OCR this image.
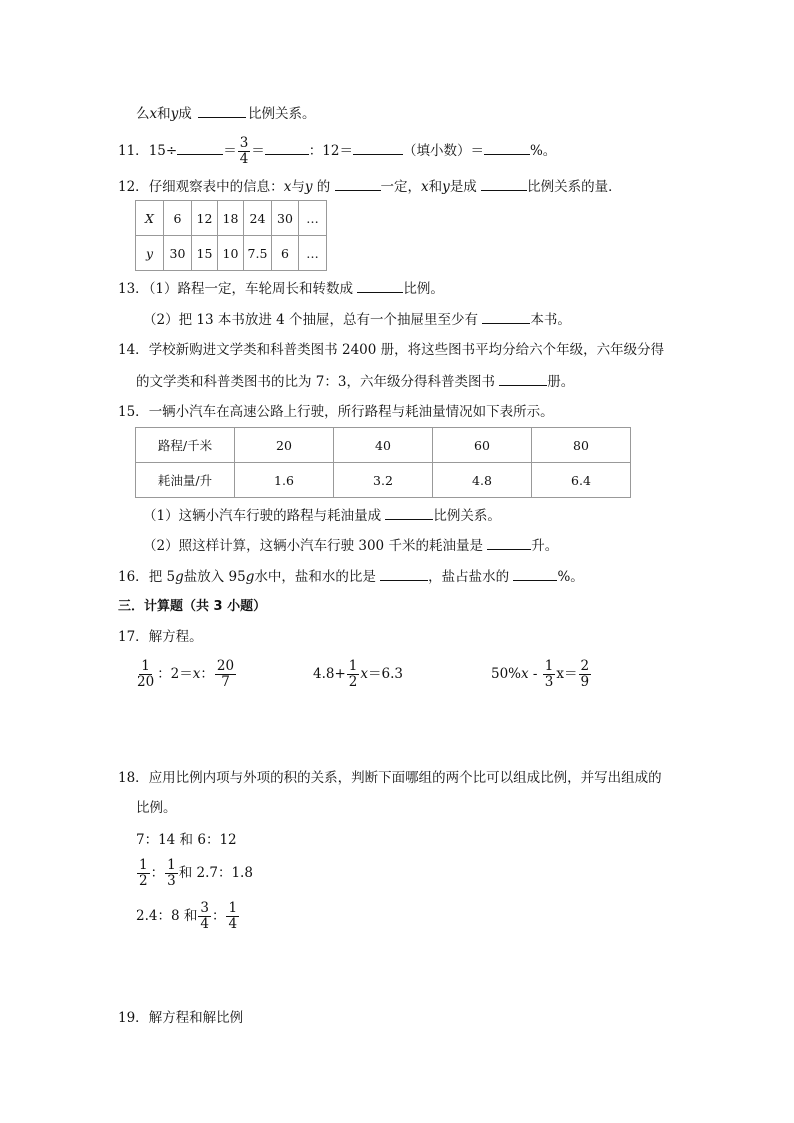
么x和y成	比例关系。
11．15÷	＝ $\frac{3}{4}$ ＝	：12＝	（填小数）＝	%。
12．仔细观察表中的信息：x与y 的	一定，x和y是成	比例关系的量．
X	6	12	18	24	30	…
y	30	15	10	7.5	6	…
13．（1）路程一定，车轮周长和转数成	比例。
（2）把 13 本书放进 4 个抽屉，总有一个抽屉里至少有	本书。
14．学校新购进文学类和科普类图书 2400 册，将这些图书平均分给六个年级，六年级分得
的文学类和科普类图书的比为 7：3，六年级分得科普类图书	册。
15．一辆小汽车在高速公路上行驶，所行路程与耗油量情况如下表所示。
路程/千米	20	40	60	80
耗油量/升	1.6	3.2	4.8	6.4
（1）这辆小汽车行驶的路程与耗油量成	比例关系。
（2）照这样计算，这辆小汽车行驶 300 千米的耗油量是	升。
16．把 5g盐放入 95g水中，盐和水的比是	，盐占盐水的	%。
三．计算题（共 3 小题）
17．解方程。
$\frac{1}{20}$ ：2＝x： $\frac{20}{7}$	$4.8+ \frac{1}{2} x=6.3$	$50\%x - \frac{1}{3} x= \frac{2}{9}$
18．应用比例内项与外项的积的关系，判断下面哪组的两个比可以组成比例，并写出组成的
比例。
7：14 和 6：12
$\frac{1}{2}$ ： $\frac{1}{3}$ 和 2.7：1.8
2.4：8 和 $\frac{3}{4}$ ： $\frac{1}{4}$
19．解方程和解比例
